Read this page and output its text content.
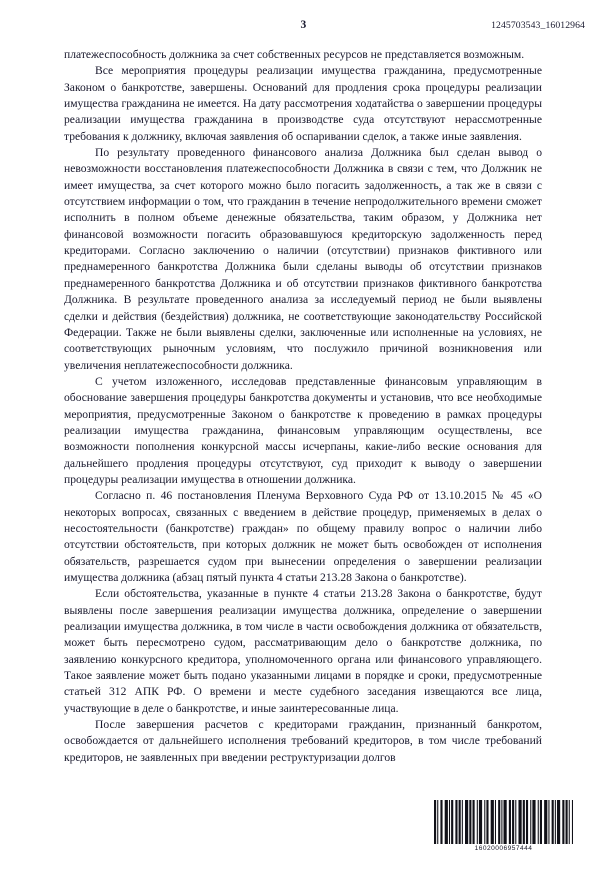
3	1245703543_16012964

платежеспособность должника за счет собственных ресурсов не представляется возможным.

Все мероприятия процедуры реализации имущества гражданина, предусмотренные Законом о банкротстве, завершены. Оснований для продления срока процедуры реализации имущества гражданина не имеется. На дату рассмотрения ходатайства о завершении процедуры реализации имущества гражданина в производстве суда отсутствуют нерассмотренные требования к должнику, включая заявления об оспаривании сделок, а также иные заявления.

По результату проведенного финансового анализа Должника был сделан вывод о невозможности восстановления платежеспособности Должника в связи с тем, что Должник не имеет имущества, за счет которого можно было погасить задолженность, а так же в связи с отсутствием информации о том, что гражданин в течение непродолжительного времени сможет исполнить в полном объеме денежные обязательства, таким образом, у Должника нет финансовой возможности погасить образовавшуюся кредиторскую задолженность перед кредиторами. Согласно заключению о наличии (отсутствии) признаков фиктивного или преднамеренного банкротства Должника были сделаны выводы об отсутствии признаков преднамеренного банкротства Должника и об отсутствии признаков фиктивного банкротства Должника. В результате проведенного анализа за исследуемый период не были выявлены сделки и действия (бездействия) должника, не соответствующие законодательству Российской Федерации. Также не были выявлены сделки, заключенные или исполненные на условиях, не соответствующих рыночным условиям, что послужило причиной возникновения или увеличения неплатежеспособности должника.

С учетом изложенного, исследовав представленные финансовым управляющим в обоснование завершения процедуры банкротства документы и установив, что все необходимые мероприятия, предусмотренные Законом о банкротстве к проведению в рамках процедуры реализации имущества гражданина, финансовым управляющим осуществлены, все возможности пополнения конкурсной массы исчерпаны, какие-либо веские основания для дальнейшего продления процедуры отсутствуют, суд приходит к выводу о завершении процедуры реализации имущества в отношении должника.

Согласно п. 46 постановления Пленума Верховного Суда РФ от 13.10.2015 № 45 «О некоторых вопросах, связанных с введением в действие процедур, применяемых в делах о несостоятельности (банкротстве) граждан» по общему правилу вопрос о наличии либо отсутствии обстоятельств, при которых должник не может быть освобожден от исполнения обязательств, разрешается судом при вынесении определения о завершении реализации имущества должника (абзац пятый пункта 4 статьи 213.28 Закона о банкротстве).

Если обстоятельства, указанные в пункте 4 статьи 213.28 Закона о банкротстве, будут выявлены после завершения реализации имущества должника, определение о завершении реализации имущества должника, в том числе в части освобождения должника от обязательств, может быть пересмотрено судом, рассматривающим дело о банкротстве должника, по заявлению конкурсного кредитора, уполномоченного органа или финансового управляющего. Такое заявление может быть подано указанными лицами в порядке и сроки, предусмотренные статьей 312 АПК РФ. О времени и месте судебного заседания извещаются все лица, участвующие в деле о банкротстве, и иные заинтересованные лица.

После завершения расчетов с кредиторами гражданин, признанный банкротом, освобождается от дальнейшего исполнения требований кредиторов, в том числе требований кредиторов, не заявленных при введении реструктуризации долгов

16020006957444
